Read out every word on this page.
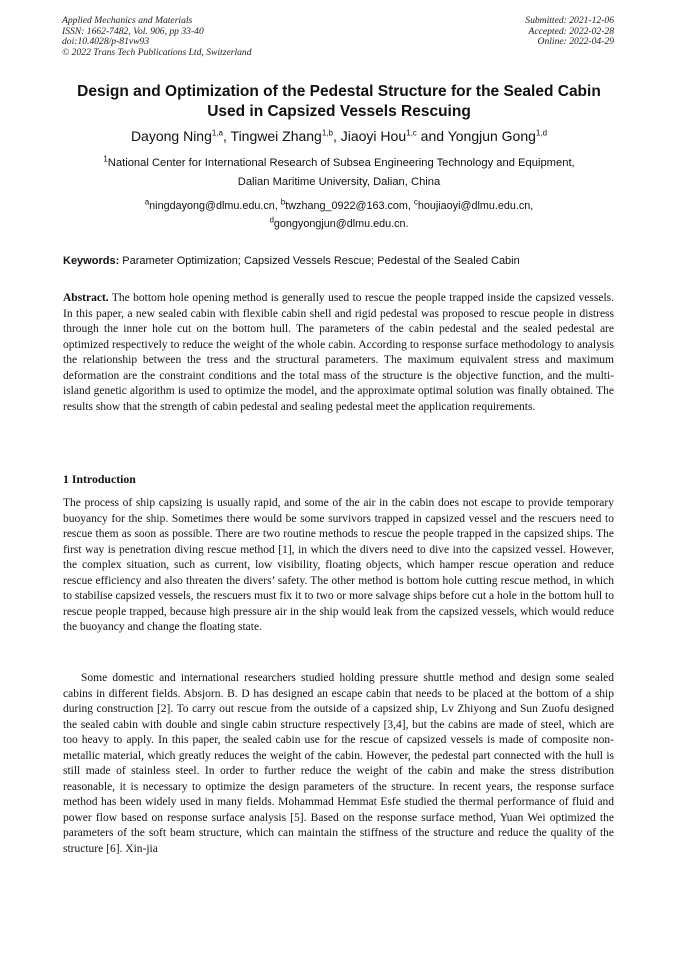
Applied Mechanics and Materials
ISSN: 1662-7482, Vol. 906, pp 33-40
doi:10.4028/p-81vw93
© 2022 Trans Tech Publications Ltd, Switzerland
Submitted: 2021-12-06
Accepted: 2022-02-28
Online: 2022-04-29
Design and Optimization of the Pedestal Structure for the Sealed Cabin
Used in Capsized Vessels Rescuing
Dayong Ning$^{1,a}$, Tingwei Zhang$^{1,b}$, Jiaoyi Hou$^{1,c}$ and Yongjun Gong$^{1,d}$
$^1$National Center for International Research of Subsea Engineering Technology and Equipment,
Dalian Maritime University, Dalian, China
$^a$ningdayong@dlmu.edu.cn, $^b$twzhang_0922@163.com, $^c$houjiaoyi@dlmu.edu.cn,
$^d$gongyongjun@dlmu.edu.cn.
Keywords: Parameter Optimization; Capsized Vessels Rescue; Pedestal of the Sealed Cabin
Abstract. The bottom hole opening method is generally used to rescue the people trapped inside the capsized vessels. In this paper, a new sealed cabin with flexible cabin shell and rigid pedestal was proposed to rescue people in distress through the inner hole cut on the bottom hull. The parameters of the cabin pedestal and the sealed pedestal are optimized respectively to reduce the weight of the whole cabin. According to response surface methodology to analysis the relationship between the tress and the structural parameters. The maximum equivalent stress and maximum deformation are the constraint conditions and the total mass of the structure is the objective function, and the multi-island genetic algorithm is used to optimize the model, and the approximate optimal solution was finally obtained. The results show that the strength of cabin pedestal and sealing pedestal meet the application requirements.
1 Introduction
The process of ship capsizing is usually rapid, and some of the air in the cabin does not escape to provide temporary buoyancy for the ship. Sometimes there would be some survivors trapped in capsized vessel and the rescuers need to rescue them as soon as possible. There are two routine methods to rescue the people trapped in the capsized ships. The first way is penetration diving rescue method [1], in which the divers need to dive into the capsized vessel. However, the complex situation, such as current, low visibility, floating objects, which hamper rescue operation and reduce rescue efficiency and also threaten the divers’ safety. The other method is bottom hole cutting rescue method, in which to stabilise capsized vessels, the rescuers must fix it to two or more salvage ships before cut a hole in the bottom hull to rescue people trapped, because high pressure air in the ship would leak from the capsized vessels, which would reduce the buoyancy and change the floating state.
Some domestic and international researchers studied holding pressure shuttle method and design some sealed cabins in different fields. Absjorn. B. D has designed an escape cabin that needs to be placed at the bottom of a ship during construction [2]. To carry out rescue from the outside of a capsized ship, Lv Zhiyong and Sun Zuofu designed the sealed cabin with double and single cabin structure respectively [3,4], but the cabins are made of steel, which are too heavy to apply. In this paper, the sealed cabin use for the rescue of capsized vessels is made of composite non-metallic material, which greatly reduces the weight of the cabin. However, the pedestal part connected with the hull is still made of stainless steel. In order to further reduce the weight of the cabin and make the stress distribution reasonable, it is necessary to optimize the design parameters of the structure. In recent years, the response surface method has been widely used in many fields. Mohammad Hemmat Esfe studied the thermal performance of fluid and power flow based on response surface analysis [5]. Based on the response surface method, Yuan Wei optimized the parameters of the soft beam structure, which can maintain the stiffness of the structure and reduce the quality of the structure [6]. Xin-jia
